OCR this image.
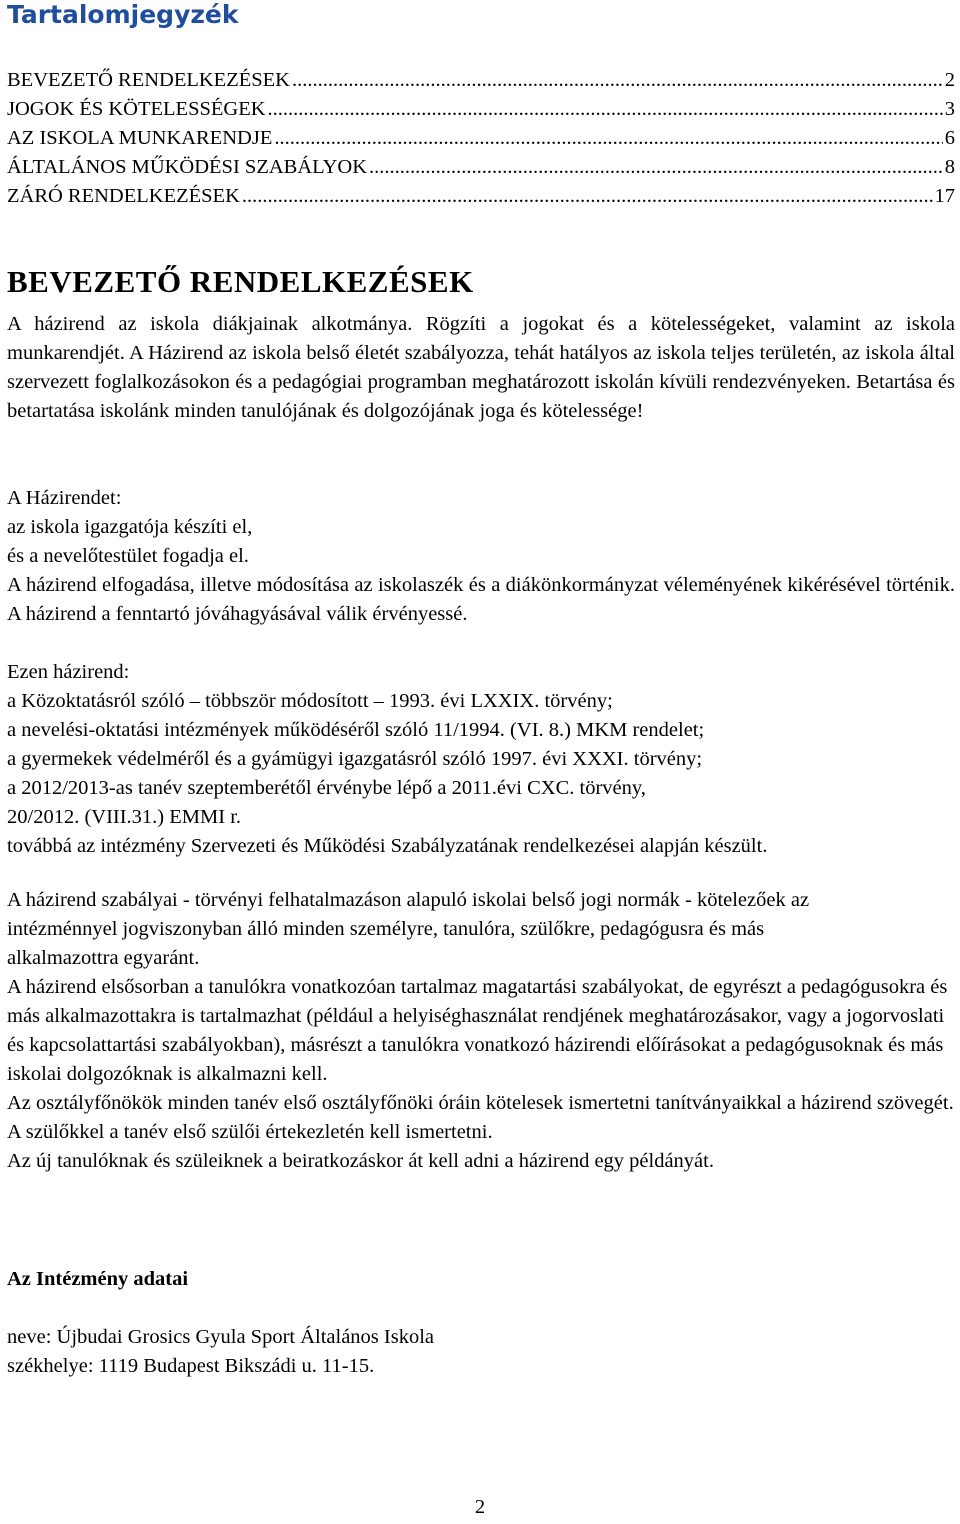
Tartalomjegyzék
BEVEZETŐ RENDELKEZÉSEK .....	2
JOGOK ÉS KÖTELESSÉGEK .....	3
AZ ISKOLA MUNKARENDJE .....	6
ÁLTALÁNOS MŰKÖDÉSI SZABÁLYOK .....	8
ZÁRÓ RENDELKEZÉSEK .....	17
BEVEZETŐ RENDELKEZÉSEK

A házirend az iskola diákjainak alkotmánya. Rögzíti a jogokat és a kötelességeket, valamint az iskola munkarendjét. A Házirend az iskola belső életét szabályozza, tehát hatályos az iskola teljes területén, az iskola által szervezett foglalkozásokon és a pedagógiai programban meghatározott iskolán kívüli rendezvényeken. Betartása és betartatása iskolánk minden tanulójának és dolgozójának joga és kötelessége!

A Házirendet:

az iskola igazgatója készíti el,

és a nevelőtestület fogadja el.

A házirend elfogadása, illetve módosítása az iskolaszék és a diákönkormányzat véleményének kikérésével történik. A házirend a fenntartó jóváhagyásával válik érvényessé.

Ezen házirend:

a Közoktatásról szóló – többször módosított – 1993. évi LXXIX. törvény;

a nevelési-oktatási intézmények működéséről szóló 11/1994. (VI. 8.) MKM rendelet;

a gyermekek védelméről és a gyámügyi igazgatásról szóló 1997. évi XXXI. törvény;

a 2012/2013-as tanév szeptemberétől érvénybe lépő a 2011.évi CXC. törvény,

20/2012. (VIII.31.) EMMI r.

továbbá az intézmény Szervezeti és Működési Szabályzatának rendelkezései alapján készült.

A házirend szabályai - törvényi felhatalmazáson alapuló iskolai belső jogi normák - kötelezőek az intézménnyel jogviszonyban álló minden személyre, tanulóra, szülőkre, pedagógusra és más alkalmazottra egyaránt.

A házirend elsősorban a tanulókra vonatkozóan tartalmaz magatartási szabályokat, de egyrészt a pedagógusokra és más alkalmazottakra is tartalmazhat (például a helyiséghasználat rendjének meghatározásakor, vagy a jogorvoslati és kapcsolattartási szabályokban), másrészt a tanulókra vonatkozó házirendi előírásokat a pedagógusoknak és más iskolai dolgozóknak is alkalmazni kell.

Az osztályfőnökök minden tanév első osztályfőnöki óráin kötelesek ismertetni tanítványaikkal a házirend szövegét.

A szülőkkel a tanév első szülői értekezletén kell ismertetni.

Az új tanulóknak és szüleiknek a beiratkozáskor át kell adni a házirend egy példányát.

Az Intézmény adatai

neve: Újbudai Grosics Gyula Sport Általános Iskola

székhelye: 1119 Budapest Bikszádi u. 11-15.

2
